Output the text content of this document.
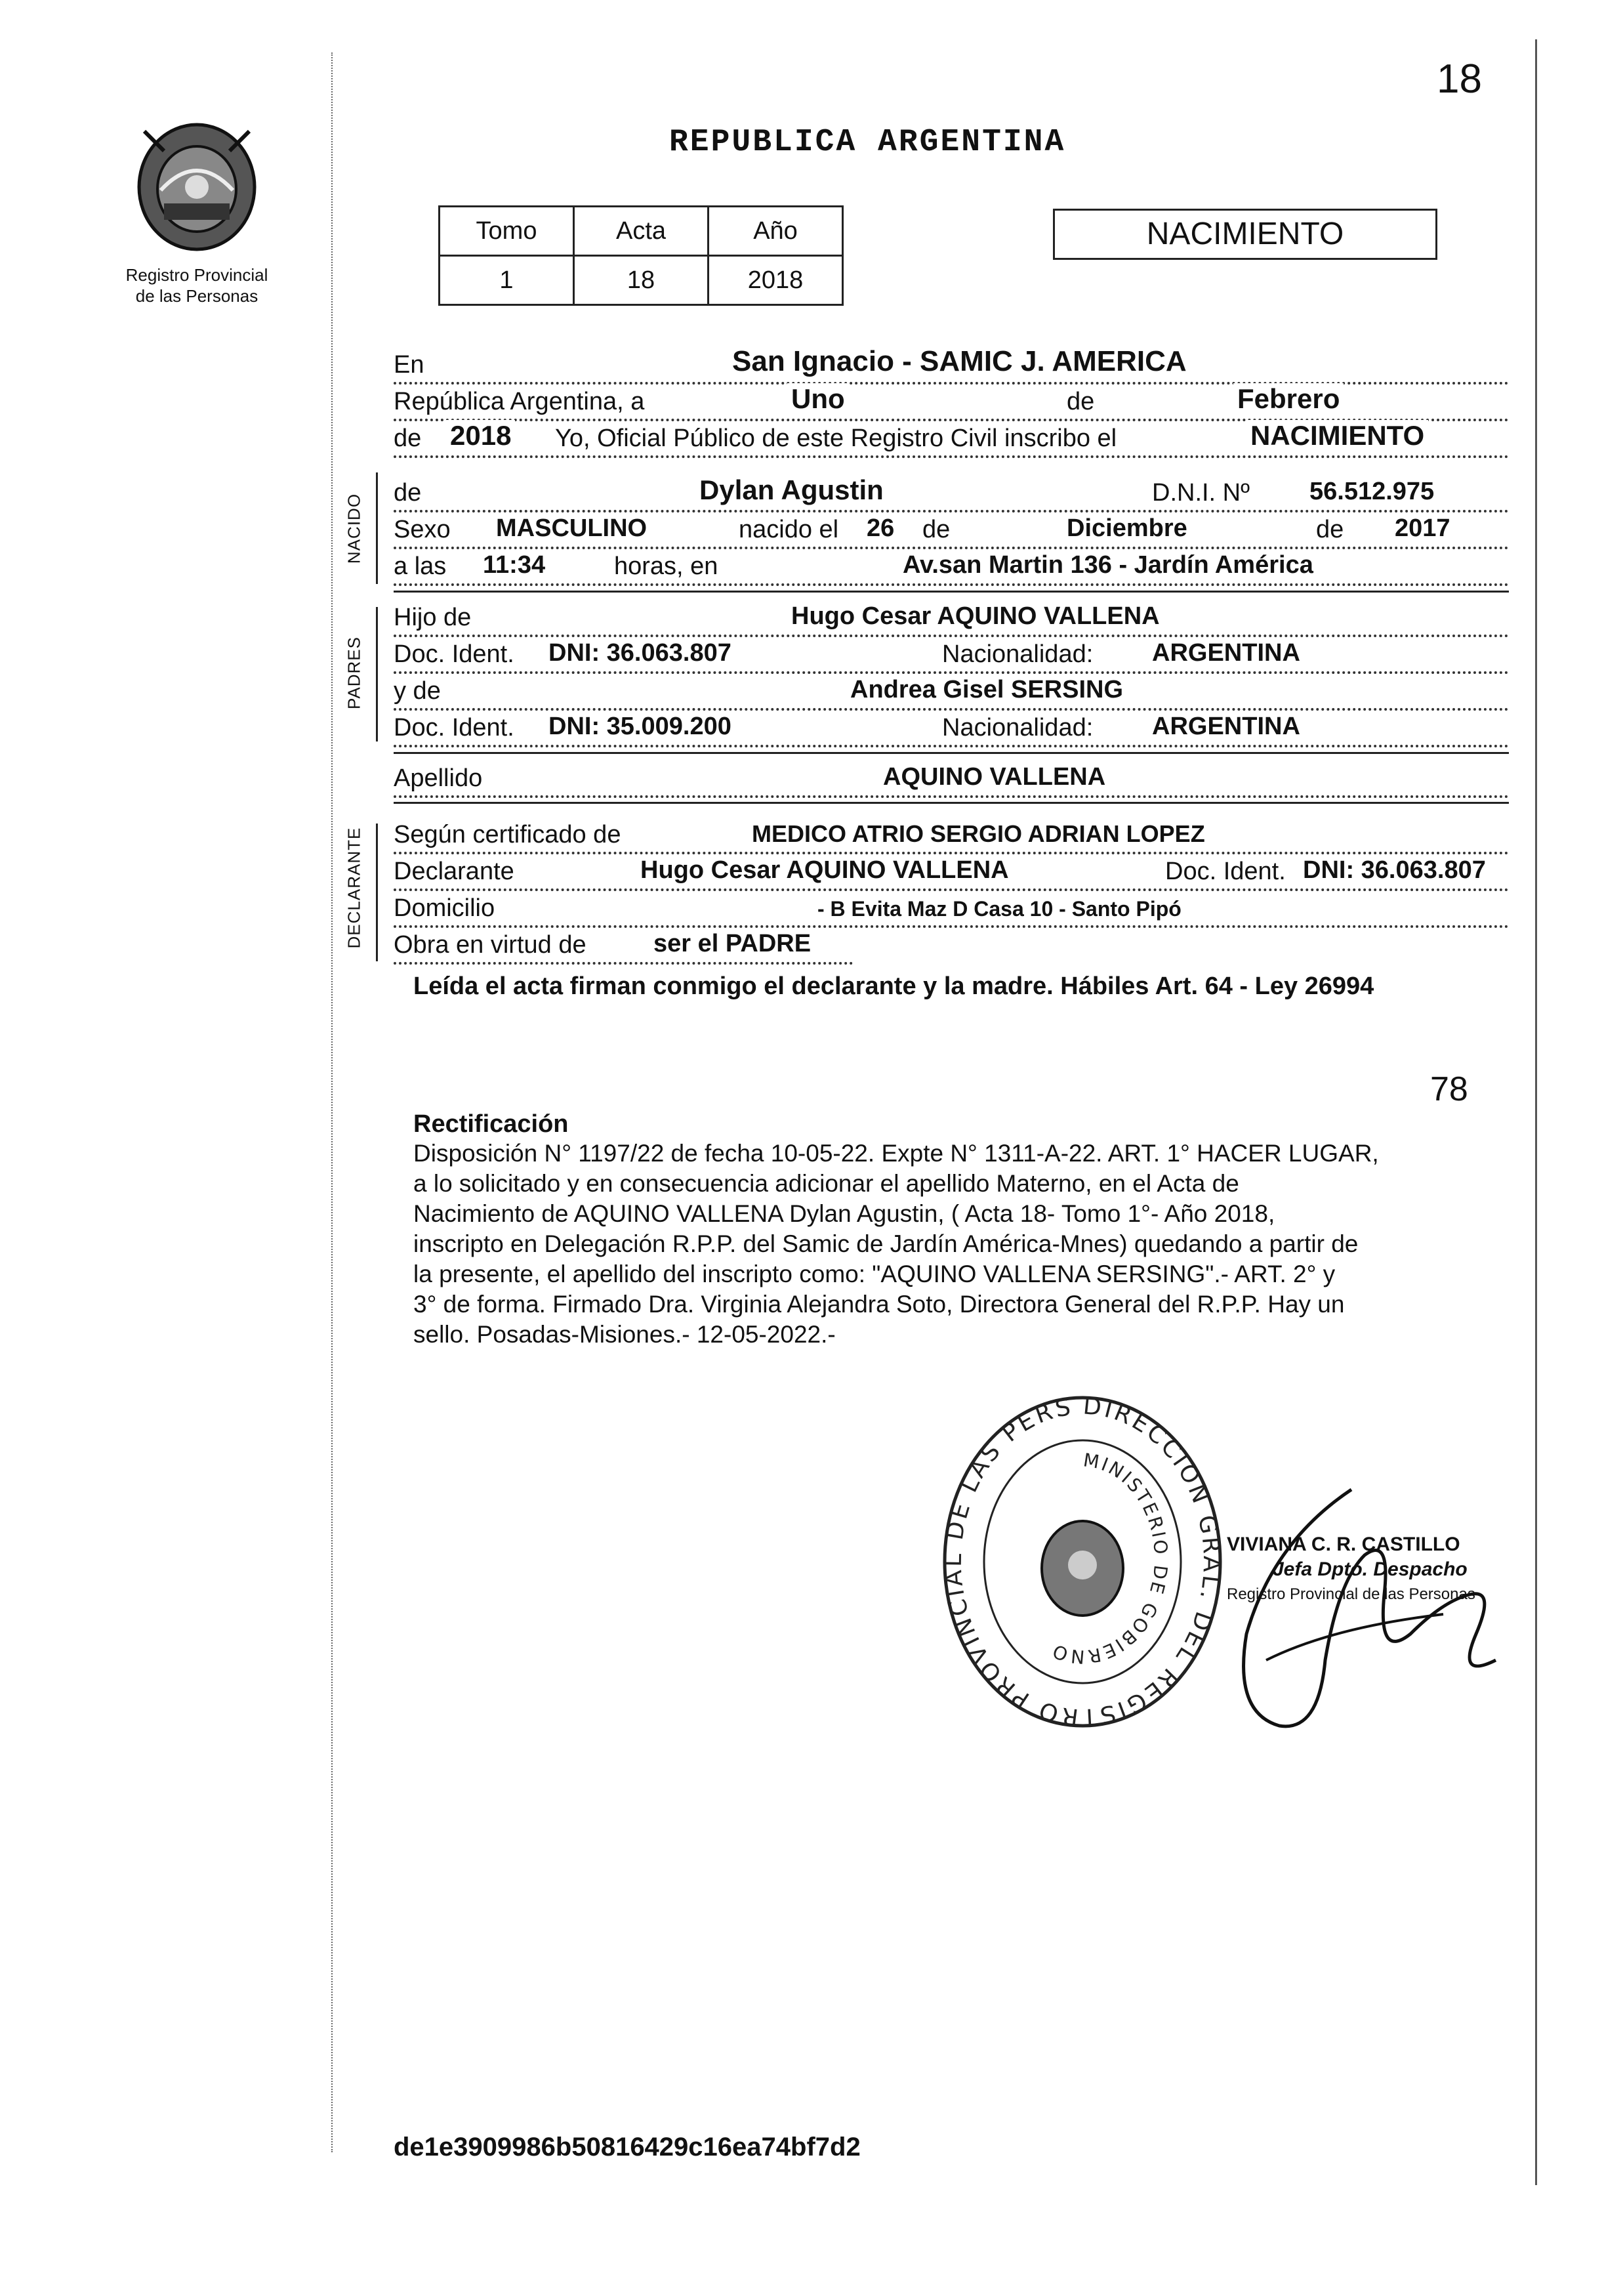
18
Registro Provincial
de las Personas
REPUBLICA ARGENTINA
Tomo	Acta	Año
1	18	2018
NACIMIENTO
En	San Ignacio - SAMIC J. AMERICA
República Argentina, a	Uno	de	Febrero
de 2018 Yo, Oficial Público de este Registro Civil inscribo el	NACIMIENTO
NACIDO
de	Dylan Agustin	D.N.I. Nº 56.512.975
Sexo MASCULINO	nacido el 26 de	Diciembre	de 2017
a las 11:34	horas, en	Av.san Martin 136 - Jardín América
PADRES
Hijo de	Hugo Cesar AQUINO VALLENA
Doc. Ident. DNI: 36.063.807	Nacionalidad: ARGENTINA
y de	Andrea Gisel SERSING
Doc. Ident. DNI: 35.009.200	Nacionalidad: ARGENTINA
Apellido	AQUINO VALLENA
DECLARANTE Según certificado de	MEDICO ATRIO SERGIO ADRIAN LOPEZ
Declarante	Hugo Cesar AQUINO VALLENA	Doc. Ident. DNI: 36.063.807
Domicilio	- B Evita Maz D Casa 10 - Santo Pipó
Obra en virtud de	ser el PADRE
Leída el acta firman conmigo el declarante y la madre. Hábiles Art. 64 - Ley 26994
78
Rectificación
Disposición N° 1197/22 de fecha 10-05-22. Expte N° 1311-A-22. ART. 1° HACER LUGAR,
a lo solicitado y en consecuencia adicionar el apellido Materno, en el Acta de
Nacimiento de AQUINO VALLENA Dylan Agustin, ( Acta 18- Tomo 1°- Año 2018,
inscripto en Delegación R.P.P. del Samic de Jardín América-Mnes) quedando a partir de
la presente, el apellido del inscripto como: "AQUINO VALLENA SERSING".- ART. 2° y
3° de forma. Firmado Dra. Virginia Alejandra Soto, Directora General del R.P.P. Hay un
sello. Posadas-Misiones.- 12-05-2022.-
DIRECCION GRAL. DEL REGISTRO PROVINCIAL DE LAS PERS
MINISTERIO DE GOBIERNO
VIVIANA C. R. CASTILLO
Jefa Dpto. Despacho
Registro Provincial de las Personas
de1e3909986b50816429c16ea74bf7d2
